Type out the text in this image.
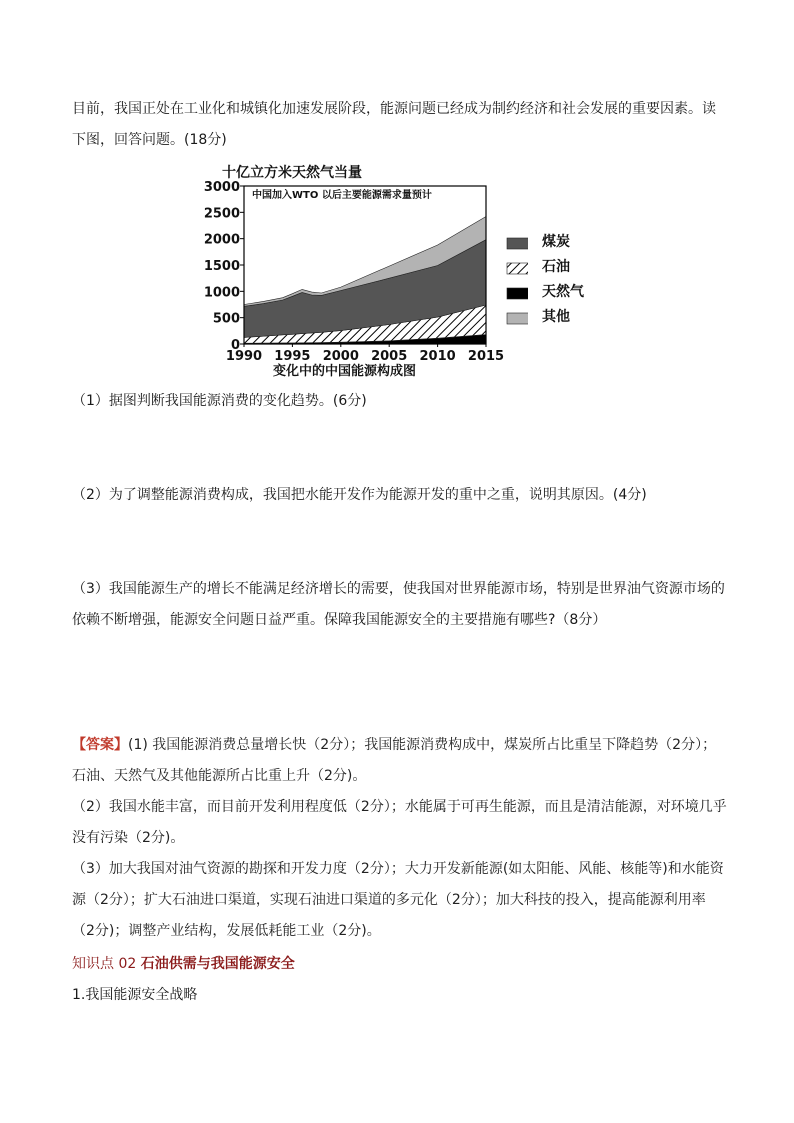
目前，我国正处在工业化和城镇化加速发展阶段，能源问题已经成为制约经济和社会发展的重要因素。读

下图，回答问题。(18分)

十亿立方米天然气当量
0
500
1000
1500
2000
2500
3000
1990 1995 2000 2005 2010 2015
中国加入WTO 以后主要能源需求量预计
变化中的中国能源构成图

（1）据图判断我国能源消费的变化趋势。(6分)

（2）为了调整能源消费构成，我国把水能开发作为能源开发的重中之重，说明其原因。(4分)

（3）我国能源生产的增长不能满足经济增长的需要，使我国对世界能源市场，特别是世界油气资源市场的

依赖不断增强，能源安全问题日益严重。保障我国能源安全的主要措施有哪些?（8分）

【答案】(1) 我国能源消费总量增长快（2分）；我国能源消费构成中，煤炭所占比重呈下降趋势（2分）；

石油、天然气及其他能源所占比重上升（2分)。

（2）我国水能丰富，而目前开发利用程度低（2分）；水能属于可再生能源，而且是清洁能源，对环境几乎

没有污染（2分)。

（3）加大我国对油气资源的勘探和开发力度（2分）；大力开发新能源(如太阳能、风能、核能等)和水能资

源（2分）；扩大石油进口渠道，实现石油进口渠道的多元化（2分）；加大科技的投入，提高能源利用率

（2分)；调整产业结构，发展低耗能工业（2分)。

知识点 02 石油供需与我国能源安全

1.我国能源安全战略

煤炭
石油
天然气
其他
